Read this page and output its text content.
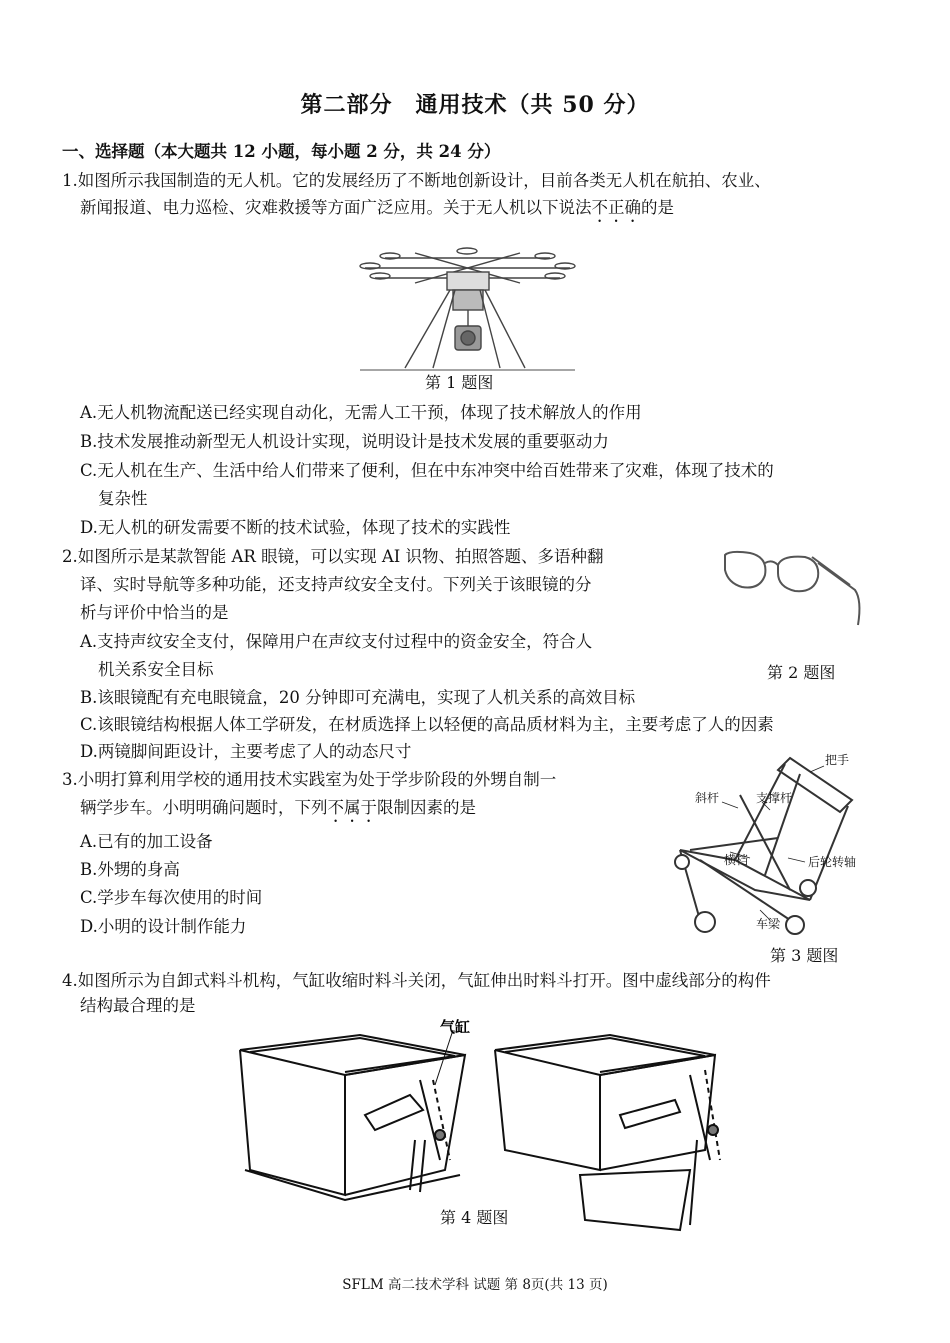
第二部分　通用技术（共 50 分）
一、选择题（本大题共 12 小题，每小题 2 分，共 24 分）
1.如图所示我国制造的无人机。它的发展经历了不断地创新设计，目前各类无人机在航拍、农业、
新闻报道、电力巡检、灾难救援等方面广泛应用。关于无人机以下说法不正确的是
第 1 题图
A.无人机物流配送已经实现自动化，无需人工干预，体现了技术解放人的作用
B.技术发展推动新型无人机设计实现，说明设计是技术发展的重要驱动力
C.无人机在生产、生活中给人们带来了便利，但在中东冲突中给百姓带来了灾难，体现了技术的
复杂性
D.无人机的研发需要不断的技术试验，体现了技术的实践性
2.如图所示是某款智能 AR 眼镜，可以实现 AI 识物、拍照答题、多语种翻
译、实时导航等多种功能，还支持声纹安全支付。下列关于该眼镜的分
析与评价中恰当的是
A.支持声纹安全支付，保障用户在声纹支付过程中的资金安全，符合人
机关系安全目标	第 2 题图
B.该眼镜配有充电眼镜盒，20 分钟即可充满电，实现了人机关系的高效目标
C.该眼镜结构根据人体工学研发，在材质选择上以轻便的高品质材料为主，主要考虑了人的因素
D.两镜脚间距设计，主要考虑了人的动态尺寸
3.小明打算利用学校的通用技术实践室为处于学步阶段的外甥自制一
辆学步车。小明明确问题时，下列不属于限制因素的是
把手
斜杆	支撑杆
横档	后轮转轴
车梁
A.已有的加工设备
B.外甥的身高
C.学步车每次使用的时间
D.小明的设计制作能力
第 3 题图
4.如图所示为自卸式料斗机构，气缸收缩时料斗关闭，气缸伸出时料斗打开。图中虚线部分的构件
结构最合理的是
气缸
第 4 题图
SFLM 高二技术学科 试题 第 8页(共 13 页)
